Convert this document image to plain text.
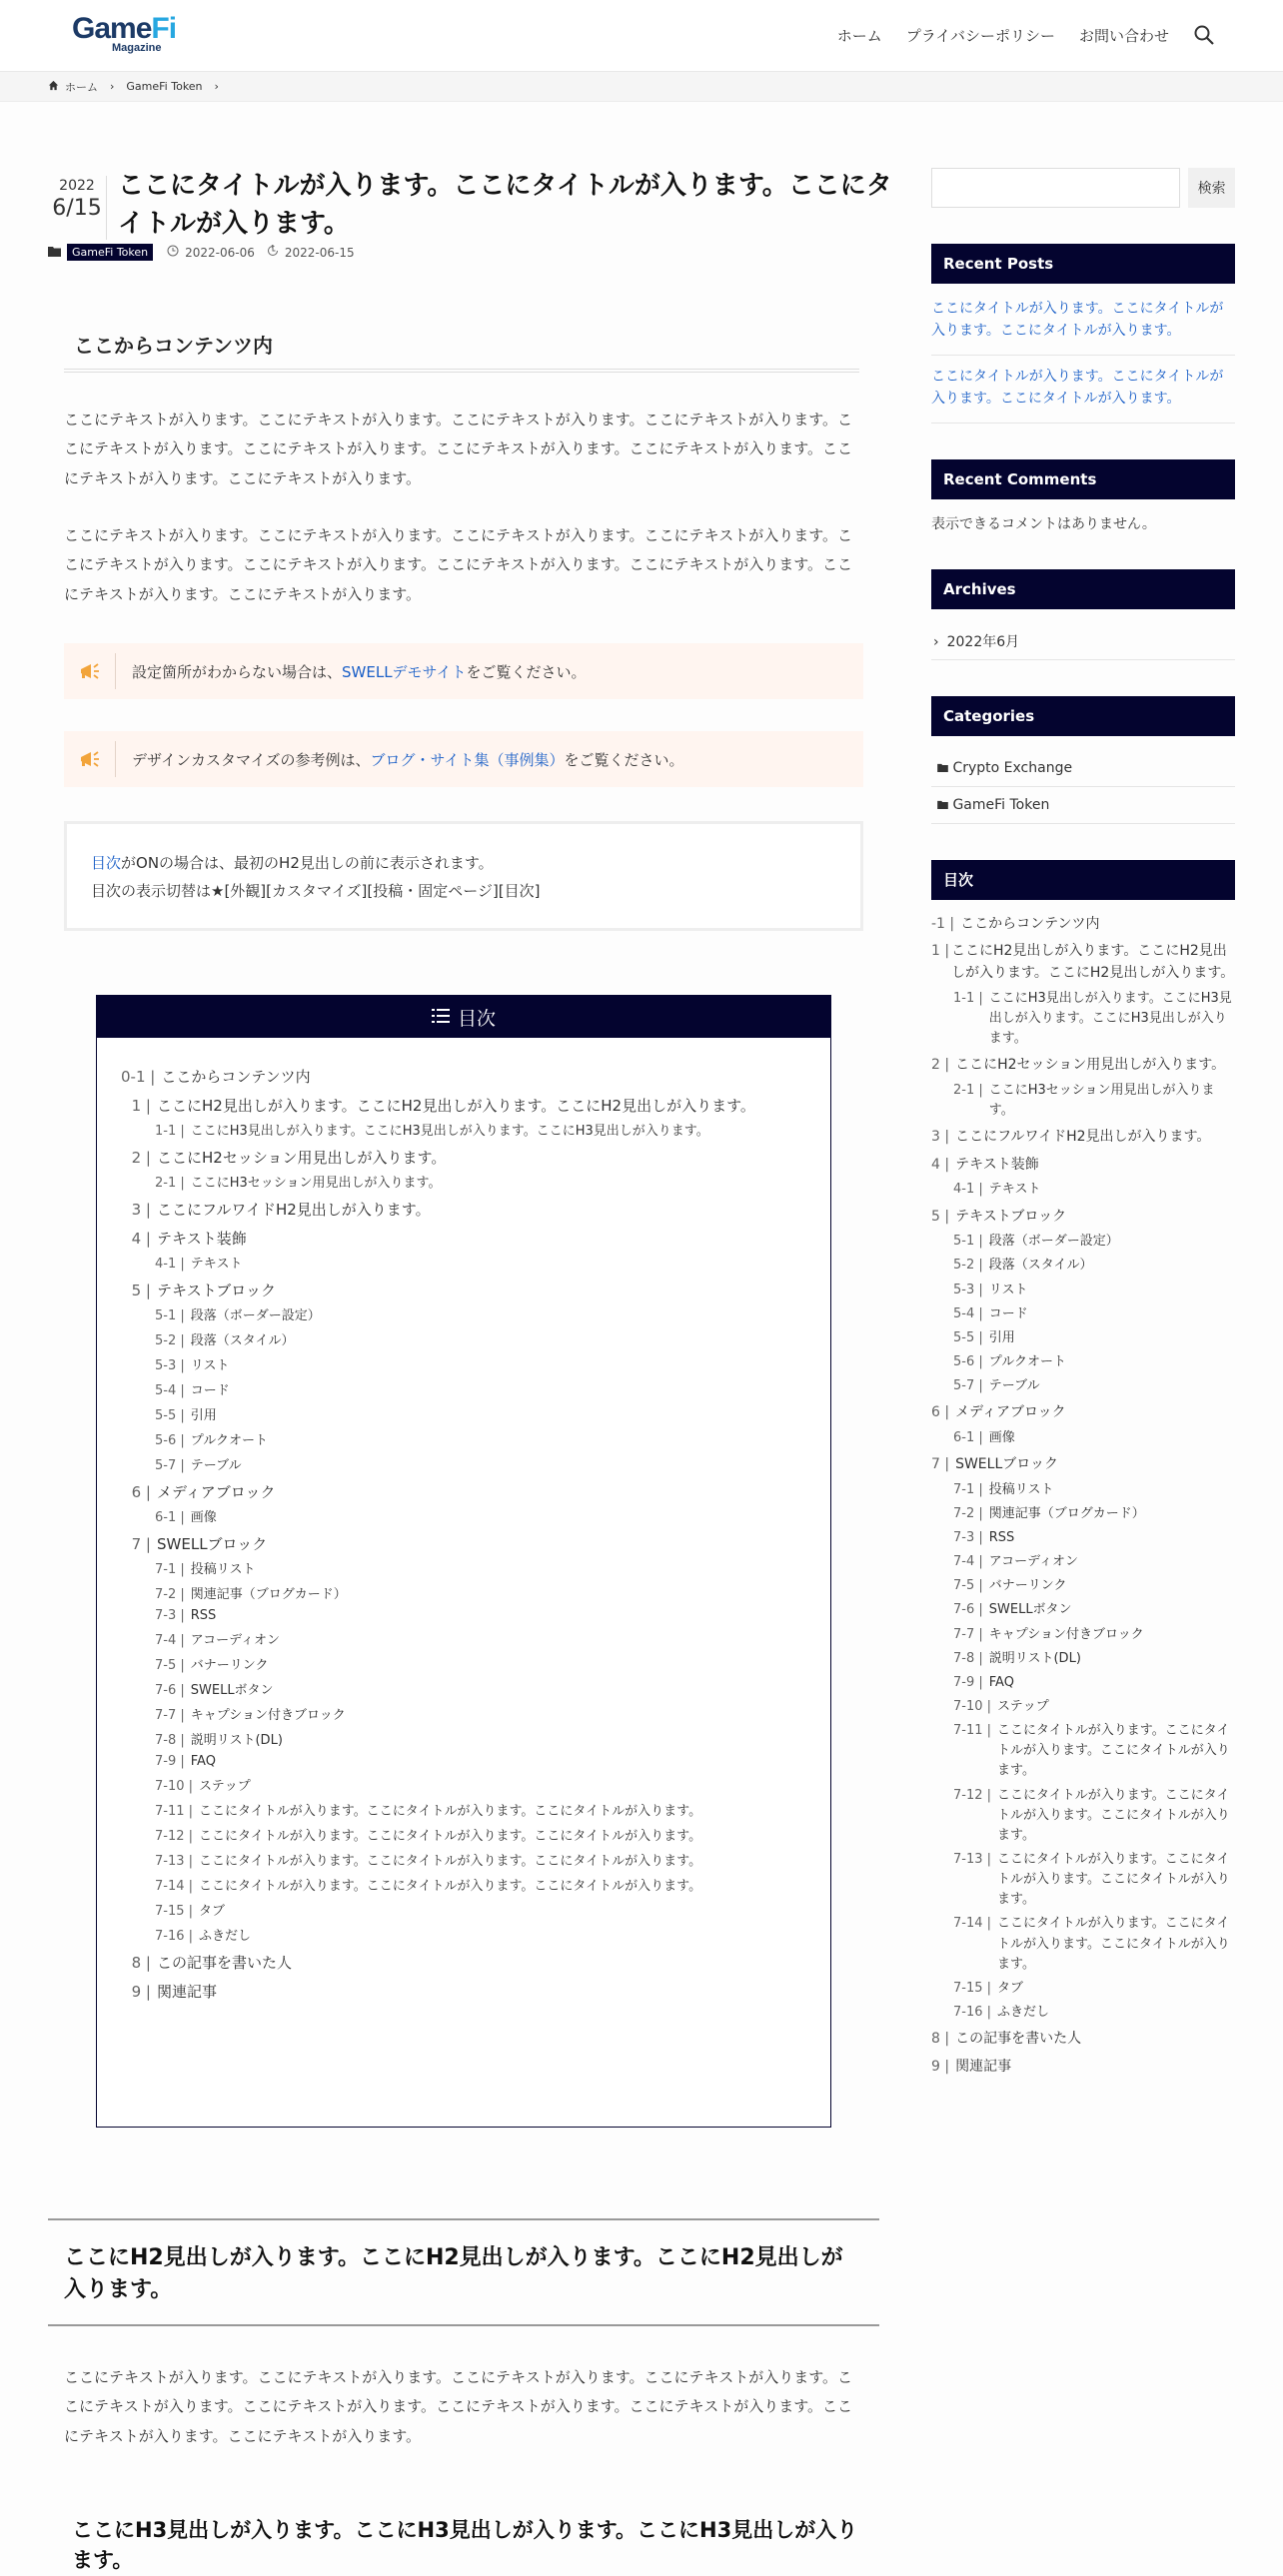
GameFi
Magazine
ホーム プライバシーポリシー お問い合わせ
ホーム › GameFi Token ›
2022
6/15
ここにタイトルが入ります。ここにタイトルが入ります。ここにタイトルが入ります。
GameFi Token	2022-06-06	2022-06-15
ここからコンテンツ内

ここにテキストが入ります。ここにテキストが入ります。ここにテキストが入ります。ここにテキストが入ります。ここにテキストが入ります。ここにテキストが入ります。ここにテキストが入ります。ここにテキストが入ります。ここにテキストが入ります。ここにテキストが入ります。

ここにテキストが入ります。ここにテキストが入ります。ここにテキストが入ります。ここにテキストが入ります。ここにテキストが入ります。ここにテキストが入ります。ここにテキストが入ります。ここにテキストが入ります。ここにテキストが入ります。ここにテキストが入ります。

設定箇所がわからない場合は、SWELLデモサイトをご覧ください。
デザインカスタマイズの参考例は、ブログ・サイト集（事例集）をご覧ください。
目次がONの場合は、最初のH2見出しの前に表示されます。
目次の表示切替は★[外観][カスタマイズ][投稿・固定ページ][目次]
目次
0-1 | ここからコンテンツ内
1 | ここにH2見出しが入ります。ここにH2見出しが入ります。ここにH2見出しが入ります。
1-1 | ここにH3見出しが入ります。ここにH3見出しが入ります。ここにH3見出しが入ります。
2 | ここにH2セッション用見出しが入ります。
2-1 | ここにH3セッション用見出しが入ります。
3 | ここにフルワイドH2見出しが入ります。
4 | テキスト装飾
4-1 | テキスト
5 | テキストブロック
5-1 | 段落（ボーダー設定）
5-2 | 段落（スタイル）
5-3 | リスト
5-4 | コード
5-5 | 引用
5-6 | プルクオート
5-7 | テーブル
6 | メディアブロック
6-1 | 画像
7 | SWELLブロック
7-1 | 投稿リスト
7-2 | 関連記事（ブログカード）
7-3 | RSS
7-4 | アコーディオン
7-5 | バナーリンク
7-6 | SWELLボタン
7-7 | キャプション付きブロック
7-8 | 説明リスト(DL)
7-9 | FAQ
7-10 | ステップ
7-11 | ここにタイトルが入ります。ここにタイトルが入ります。ここにタイトルが入ります。
7-12 | ここにタイトルが入ります。ここにタイトルが入ります。ここにタイトルが入ります。
7-13 | ここにタイトルが入ります。ここにタイトルが入ります。ここにタイトルが入ります。
7-14 | ここにタイトルが入ります。ここにタイトルが入ります。ここにタイトルが入ります。
7-15 | タブ
7-16 | ふきだし
8 | この記事を書いた人
9 | 関連記事
ここにH2見出しが入ります。ここにH2見出しが入ります。ここにH2見出しが入ります。

ここにテキストが入ります。ここにテキストが入ります。ここにテキストが入ります。ここにテキストが入ります。ここにテキストが入ります。ここにテキストが入ります。ここにテキストが入ります。ここにテキストが入ります。ここにテキストが入ります。ここにテキストが入ります。

ここにH3見出しが入ります。ここにH3見出しが入ります。ここにH3見出しが入ります。
検索
Recent Posts
ここにタイトルが入ります。ここにタイトルが入ります。ここにタイトルが入ります。
ここにタイトルが入ります。ここにタイトルが入ります。ここにタイトルが入ります。
Recent Comments
表示できるコメントはありません。
Archives
› 2022年6月
Categories
Crypto Exchange
GameFi Token
目次
-1 | ここからコンテンツ内
1 | ここにH2見出しが入ります。ここにH2見出しが入ります。ここにH2見出しが入ります。
1-1 | ここにH3見出しが入ります。ここにH3見出しが入ります。ここにH3見出しが入ります。
2 | ここにH2セッション用見出しが入ります。
2-1 | ここにH3セッション用見出しが入ります。
3 | ここにフルワイドH2見出しが入ります。
4 | テキスト装飾
4-1 | テキスト
5 | テキストブロック
5-1 | 段落（ボーダー設定）
5-2 | 段落（スタイル）
5-3 | リスト
5-4 | コード
5-5 | 引用
5-6 | プルクオート
5-7 | テーブル
6 | メディアブロック
6-1 | 画像
7 | SWELLブロック
7-1 | 投稿リスト
7-2 | 関連記事（ブログカード）
7-3 | RSS
7-4 | アコーディオン
7-5 | バナーリンク
7-6 | SWELLボタン
7-7 | キャプション付きブロック
7-8 | 説明リスト(DL)
7-9 | FAQ
7-10 | ステップ
7-11 | ここにタイトルが入ります。ここにタイトルが入ります。ここにタイトルが入ります。
7-12 | ここにタイトルが入ります。ここにタイトルが入ります。ここにタイトルが入ります。
7-13 | ここにタイトルが入ります。ここにタイトルが入ります。ここにタイトルが入ります。
7-14 | ここにタイトルが入ります。ここにタイトルが入ります。ここにタイトルが入ります。
7-15 | タブ
7-16 | ふきだし
8 | この記事を書いた人
9 | 関連記事
